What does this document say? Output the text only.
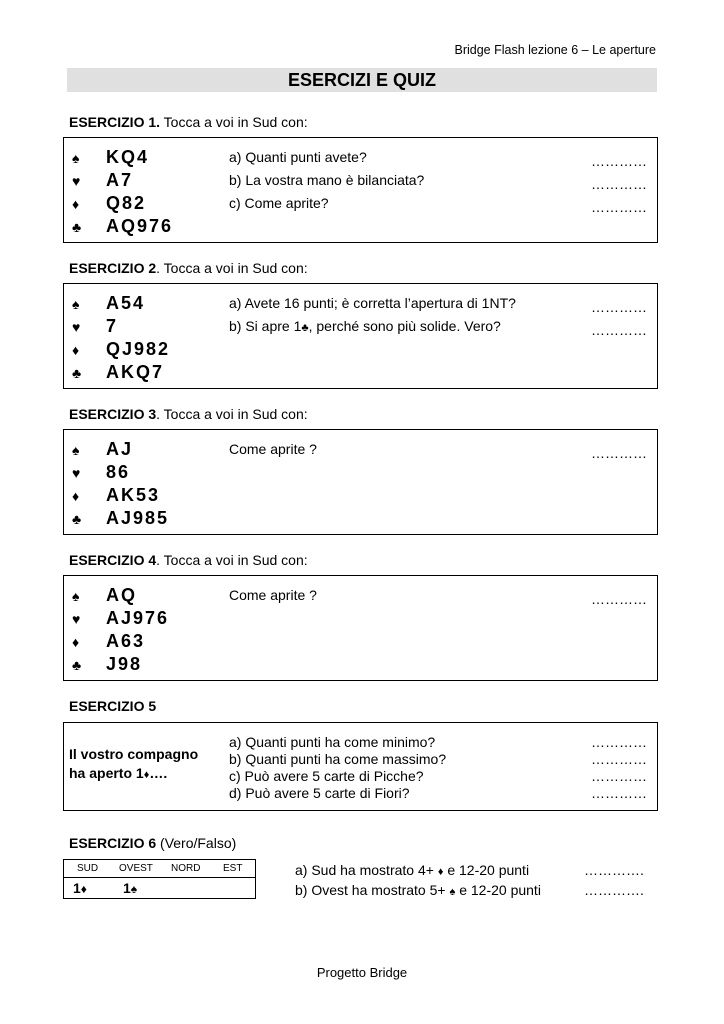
Bridge Flash lezione 6 – Le aperture
ESERCIZI E QUIZ
ESERCIZIO 1. Tocca a voi in Sud con:
♠	KQ4
♥	A7
♦	Q82
♣	AQ976
a) Quanti punti avete?
b) La vostra mano è bilanciata?
c) Come aprite?
…………
…………
…………
ESERCIZIO 2. Tocca a voi in Sud con:
♠	A54
♥	7
♦	QJ982
♣	AKQ7
a) Avete 16 punti; è corretta l’apertura di 1NT?
b) Si apre 1♣, perché sono più solide. Vero?
…………
…………
ESERCIZIO 3. Tocca a voi in Sud con:
♠	AJ
♥	86
♦	AK53
♣	AJ985
Come aprite ?	…………
ESERCIZIO 4. Tocca a voi in Sud con:
♠	AQ
♥	AJ976
♦	A63
♣	J98
Come aprite ?	…………
ESERCIZIO 5
Il vostro compagno
ha aperto 1♦….
a) Quanti punti ha come minimo?
b) Quanti punti ha come massimo?
c) Può avere 5 carte di Picche?
d) Può avere 5 carte di Fiori?
…………
…………
…………
…………
ESERCIZIO 6 (Vero/Falso)
SUD	OVEST	NORD	EST
1♦	1♠
a) Sud ha mostrato 4+ ♦ e 12-20 punti
b) Ovest ha mostrato 5+ ♠ e 12-20 punti
………….
………….
Progetto Bridge
